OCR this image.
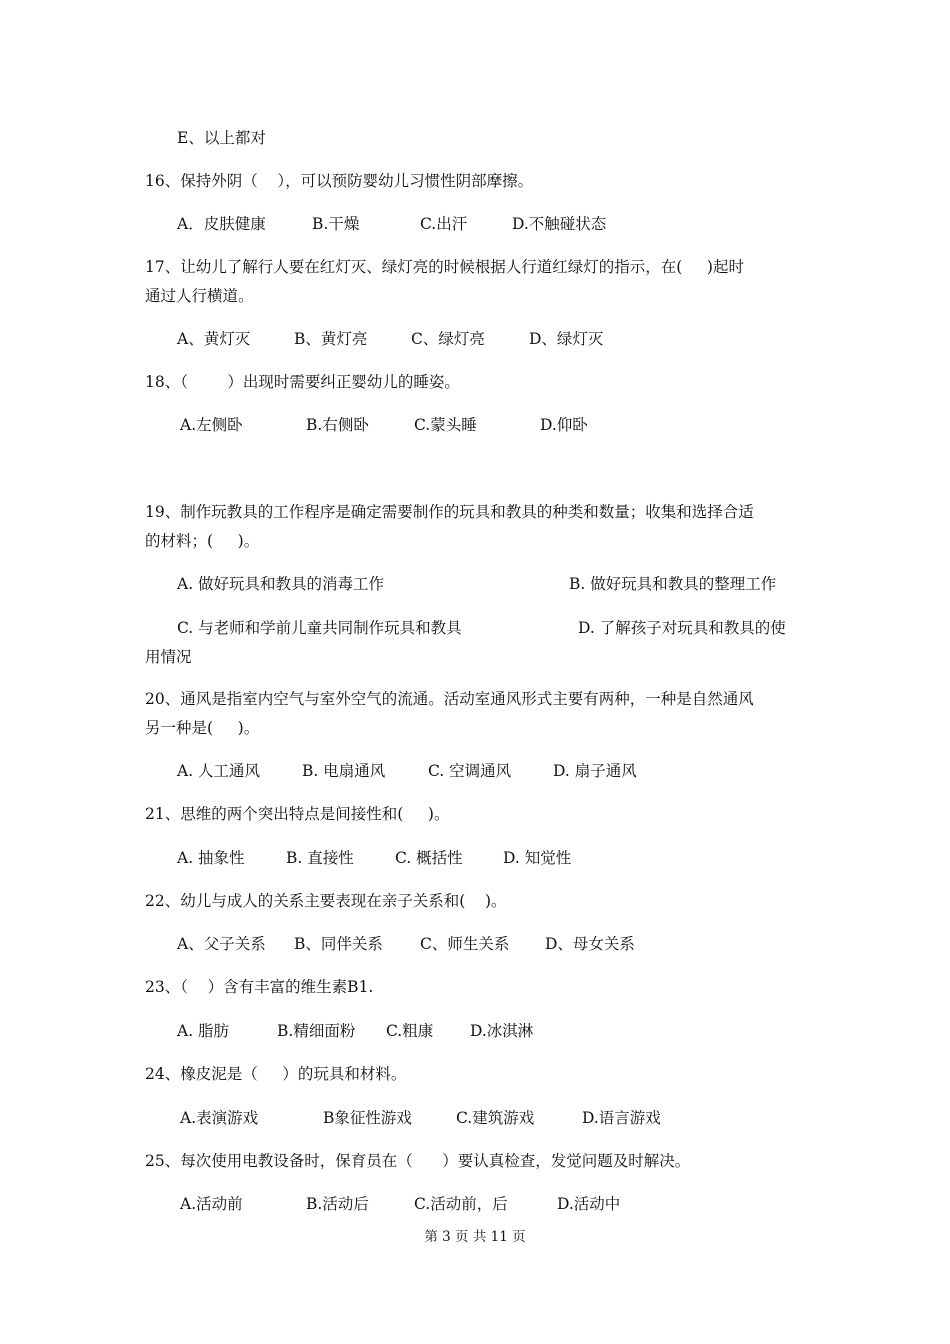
E、以上都对
16、保持外阴（    ），可以预防婴幼儿习惯性阴部摩擦。

A．皮肤健康

	B.干燥

	C.出汗

	D.不触碰状态

17、让幼儿了解行人要在红灯灭、绿灯亮的时候根据人行道红绿灯的指示，在(     )起时
通过人行横道。

A、黄灯灭

	B、黄灯亮

	C、绿灯亮

	D、绿灯灭

18、（        ）出现时需要纠正婴幼儿的睡姿。

A.左侧卧

	B.右侧卧

	C.蒙头睡

	D.仰卧

19、制作玩教具的工作程序是确定需要制作的玩具和教具的种类和数量；收集和选择合适
的材料；(     )。

A. 做好玩具和教具的消毒工作

	B. 做好玩具和教具的整理工作

C. 与老师和学前儿童共同制作玩具和教具

	D. 了解孩子对玩具和教具的使

用情况
20、通风是指室内空气与室外空气的流通。活动室通风形式主要有两种，一种是自然通风
另一种是(     )。

A. 人工通风

	B. 电扇通风

	C. 空调通风

	D. 扇子通风

21、思维的两个突出特点是间接性和(     )。

A. 抽象性

	B. 直接性

	C. 概括性

	D. 知觉性

22、幼儿与成人的关系主要表现在亲子关系和(    )。

A、父子关系

B、同伴关系

C、师生关系

D、母女关系

23、（    ）含有丰富的维生素B1.

A. 脂肪

	B.精细面粉

C.粗康

D.冰淇淋

24、橡皮泥是（     ）的玩具和材料。

A.表演游戏

	B象征性游戏

	C.建筑游戏

	D.语言游戏

25、每次使用电教设备时，保育员在（      ）要认真检查，发觉问题及时解决。

A.活动前

	B.活动后

	C.活动前，后

	D.活动中

第 3 页 共 11 页
